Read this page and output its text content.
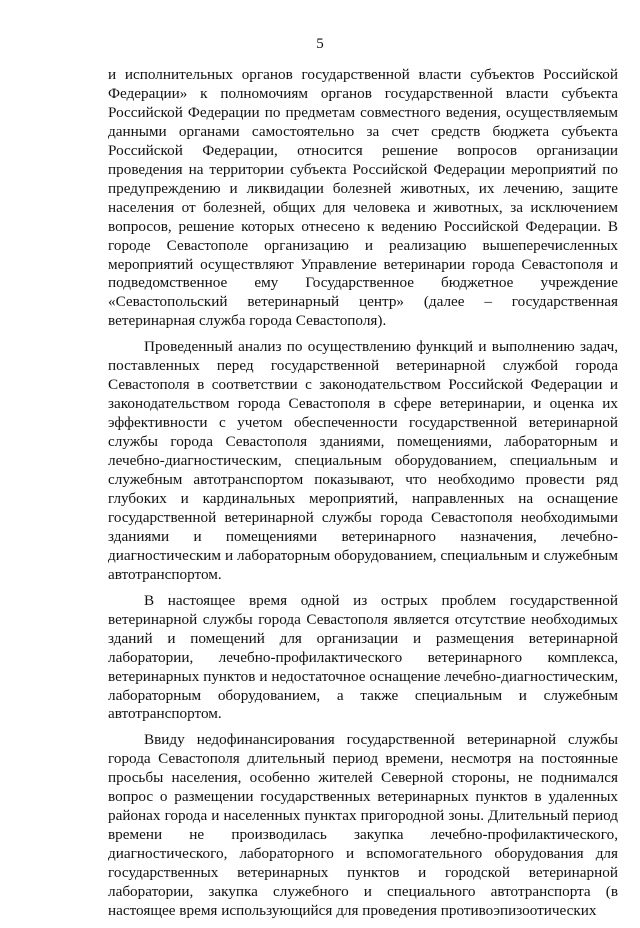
5

и исполнительных органов государственной власти субъектов Российской Федерации» к полномочиям органов государственной власти субъекта Российской Федерации по предметам совместного ведения, осуществляемым данными органами самостоятельно за счет средств бюджета субъекта Российской Федерации, относится решение вопросов организации проведения на территории субъекта Российской Федерации мероприятий по предупреждению и ликвидации болезней животных, их лечению, защите населения от болезней, общих для человека и животных, за исключением вопросов, решение которых отнесено к ведению Российской Федерации. В городе Севастополе организацию и реализацию вышеперечисленных мероприятий осуществляют Управление ветеринарии города Севастополя и подведомственное ему Государственное бюджетное учреждение «Севастопольский ветеринарный центр» (далее – государственная ветеринарная служба города Севастополя).

Проведенный анализ по осуществлению функций и выполнению задач, поставленных перед государственной ветеринарной службой города Севастополя в соответствии с законодательством Российской Федерации и законодательством города Севастополя в сфере ветеринарии, и оценка их эффективности с учетом обеспеченности государственной ветеринарной службы города Севастополя зданиями, помещениями, лабораторным и лечебно-диагностическим, специальным оборудованием, специальным и служебным автотранспортом показывают, что необходимо провести ряд глубоких и кардинальных мероприятий, направленных на оснащение государственной ветеринарной службы города Севастополя необходимыми зданиями и помещениями ветеринарного назначения, лечебно-диагностическим и лабораторным оборудованием, специальным и служебным автотранспортом.

В настоящее время одной из острых проблем государственной ветеринарной службы города Севастополя является отсутствие необходимых зданий и помещений для организации и размещения ветеринарной лаборатории, лечебно-профилактического ветеринарного комплекса, ветеринарных пунктов и недостаточное оснащение лечебно-диагностическим, лабораторным оборудованием, а также специальным и служебным автотранспортом.

Ввиду недофинансирования государственной ветеринарной службы города Севастополя длительный период времени, несмотря на постоянные просьбы населения, особенно жителей Северной стороны, не поднимался вопрос о размещении государственных ветеринарных пунктов в удаленных районах города и населенных пунктах пригородной зоны. Длительный период времени не производилась закупка лечебно-профилактического, диагностического, лабораторного и вспомогательного оборудования для государственных ветеринарных пунктов и городской ветеринарной лаборатории, закупка служебного и специального автотранспорта (в настоящее время использующийся для проведения противоэпизоотических
